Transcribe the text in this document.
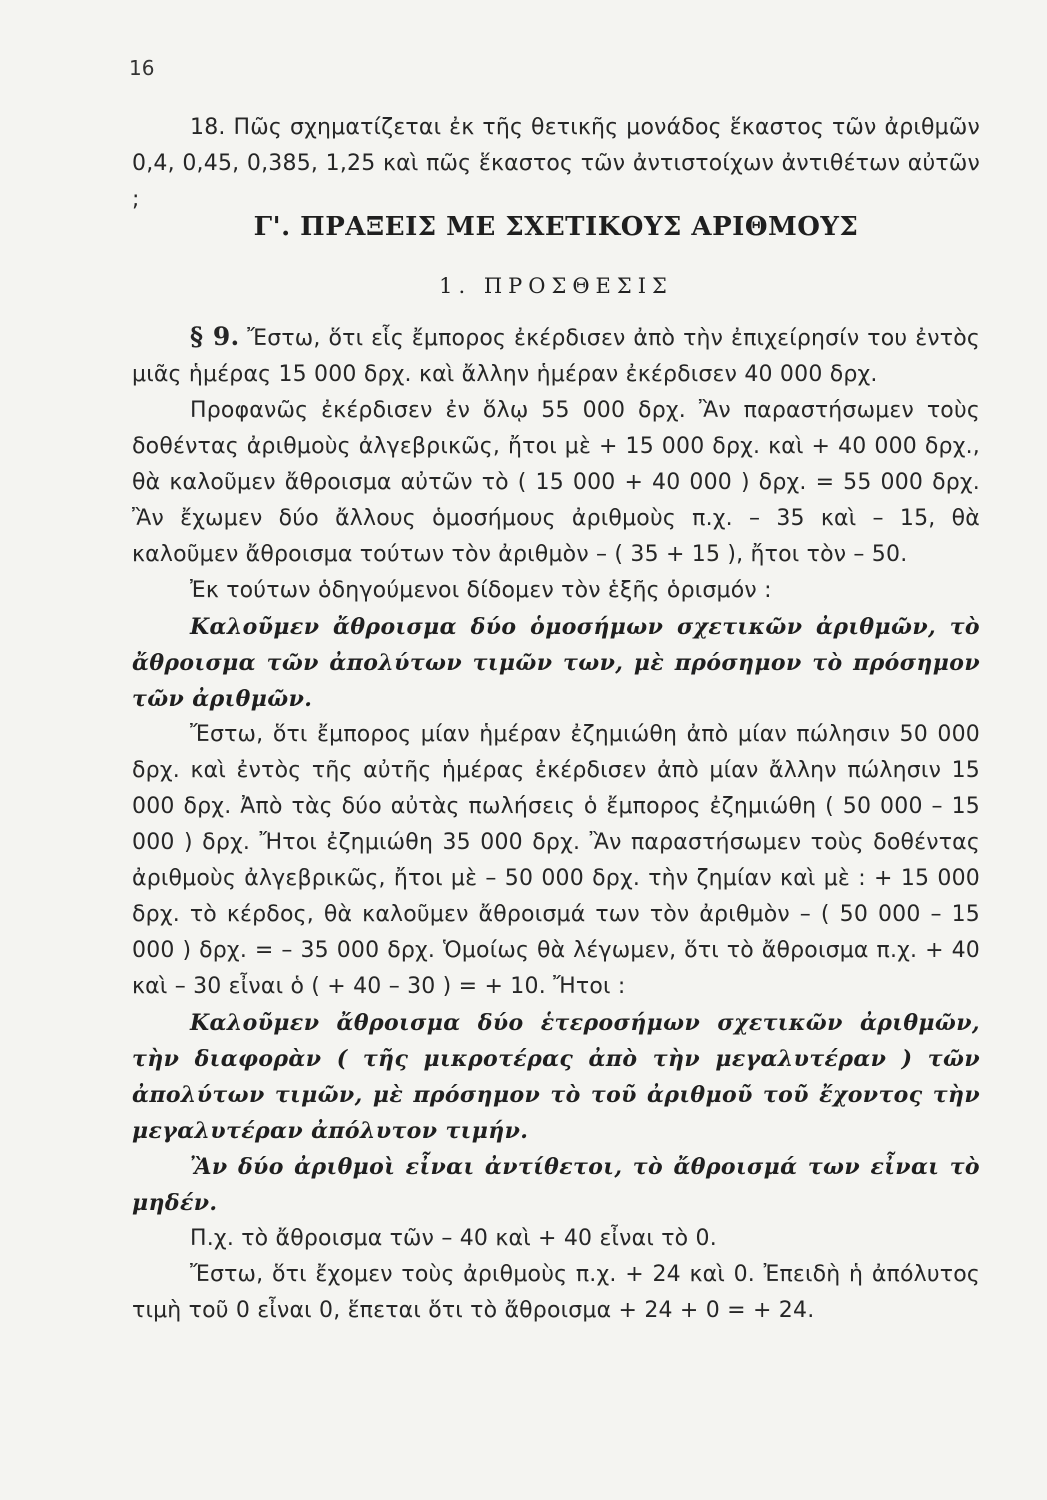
16
18. Πῶς σχηματίζεται ἐκ τῆς θετικῆς μονάδος ἕκαστος τῶν ἀριθμῶν 0,4, 0,45, 0,385, 1,25 καὶ πῶς ἕκαστος τῶν ἀντιστοίχων ἀντιθέτων αὐτῶν ;
Γ'. ΠΡΑΞΕΙΣ ΜΕ ΣΧΕΤΙΚΟΥΣ ΑΡΙΘΜΟΥΣ
1. ΠΡΟΣΘΕΣΙΣ

§ 9. Ἔστω, ὅτι εἷς ἔμπορος ἐκέρδισεν ἀπὸ τὴν ἐπιχείρησίν του ἐντὸς μιᾶς ἡμέρας 15 000 δρχ. καὶ ἄλλην ἡμέραν ἐκέρδισεν 40 000 δρχ.

Προφανῶς ἐκέρδισεν ἐν ὅλῳ 55 000 δρχ. Ἂν παραστήσωμεν τοὺς δοθέντας ἀριθμοὺς ἀλγεβρικῶς, ἤτοι μὲ + 15 000 δρχ. καὶ + 40 000 δρχ., θὰ καλοῦμεν ἄθροισμα αὐτῶν τὸ ( 15 000 + 40 000 ) δρχ. = 55 000 δρχ. Ἂν ἔχωμεν δύο ἄλλους ὁμοσήμους ἀριθμοὺς π.χ. – 35 καὶ – 15, θὰ καλοῦμεν ἄθροισμα τούτων τὸν ἀριθμὸν – ( 35 + 15 ), ἤτοι τὸν – 50.

Ἐκ τούτων ὁδηγούμενοι δίδομεν τὸν ἑξῆς ὁρισμόν :

Καλοῦμεν ἄθροισμα δύο ὁμοσήμων σχετικῶν ἀριθμῶν, τὸ ἄθροισμα τῶν ἀπολύτων τιμῶν των, μὲ πρόσημον τὸ πρόσημον τῶν ἀριθμῶν.

Ἔστω, ὅτι ἔμπορος μίαν ἡμέραν ἐζημιώθη ἀπὸ μίαν πώλησιν 50 000 δρχ. καὶ ἐντὸς τῆς αὐτῆς ἡμέρας ἐκέρδισεν ἀπὸ μίαν ἄλλην πώλησιν 15 000 δρχ. Ἀπὸ τὰς δύο αὐτὰς πωλήσεις ὁ ἔμπορος ἐζημιώθη ( 50 000 – 15 000 ) δρχ. Ἤτοι ἐζημιώθη 35 000 δρχ. Ἂν παραστήσωμεν τοὺς δοθέντας ἀριθμοὺς ἀλγεβρικῶς, ἤτοι μὲ – 50 000 δρχ. τὴν ζημίαν καὶ μὲ : + 15 000 δρχ. τὸ κέρδος, θὰ καλοῦμεν ἄθροισμά των τὸν ἀριθμὸν – ( 50 000 – 15 000 ) δρχ. = – 35 000 δρχ. Ὁμοίως θὰ λέγωμεν, ὅτι τὸ ἄθροισμα π.χ. + 40 καὶ – 30 εἶναι ὁ ( + 40 – 30 ) = + 10. Ἤτοι :

Καλοῦμεν ἄθροισμα δύο ἑτεροσήμων σχετικῶν ἀριθμῶν, τὴν διαφορὰν ( τῆς μικροτέρας ἀπὸ τὴν μεγαλυτέραν ) τῶν ἀπολύτων τιμῶν, μὲ πρόσημον τὸ τοῦ ἀριθμοῦ τοῦ ἔχοντος τὴν μεγαλυτέραν ἀπόλυτον τιμήν.

Ἂν δύο ἀριθμοὶ εἶναι ἀντίθετοι, τὸ ἄθροισμά των εἶναι τὸ μηδέν.

Π.χ. τὸ ἄθροισμα τῶν – 40 καὶ + 40 εἶναι τὸ 0.

Ἔστω, ὅτι ἔχομεν τοὺς ἀριθμοὺς π.χ. + 24 καὶ 0. Ἐπειδὴ ἡ ἀπόλυτος τιμὴ τοῦ 0 εἶναι 0, ἕπεται ὅτι τὸ ἄθροισμα + 24 + 0 = + 24.
